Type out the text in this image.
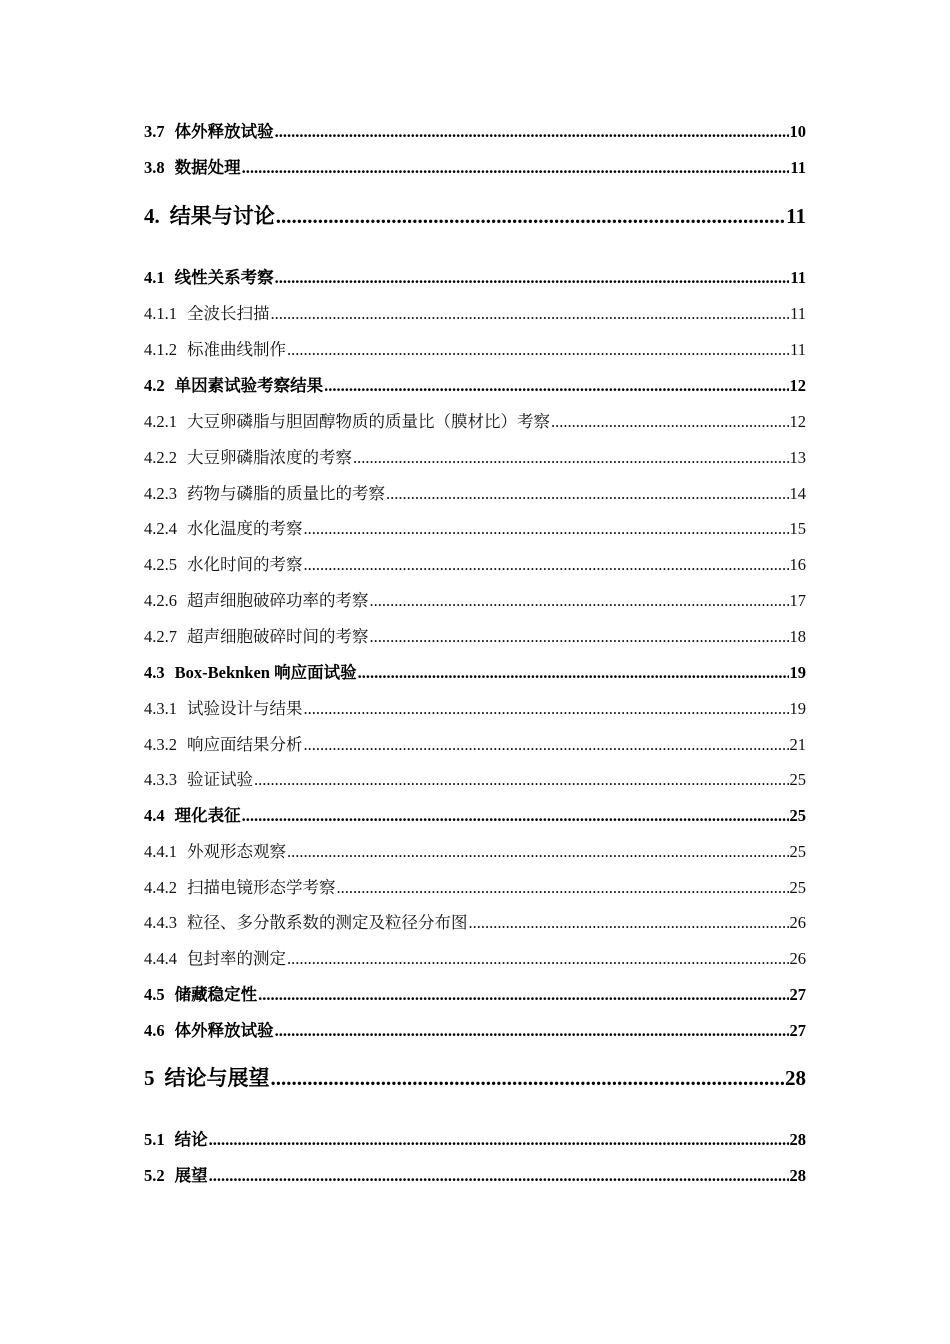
3.7 体外释放试验 .....	10
3.8 数据处理 .....	11
4. 结果与讨论 .....	11
4.1 线性关系考察 .....	11
4.1.1 全波长扫描 .....	11
4.1.2 标准曲线制作 .....	11
4.2 单因素试验考察结果 .....	12
4.2.1 大豆卵磷脂与胆固醇物质的质量比（膜材比）考察 .....	12
4.2.2 大豆卵磷脂浓度的考察 .....	13
4.2.3 药物与磷脂的质量比的考察 .....	14
4.2.4 水化温度的考察 .....	15
4.2.5 水化时间的考察 .....	16
4.2.6 超声细胞破碎功率的考察 .....	17
4.2.7 超声细胞破碎时间的考察 .....	18
4.3 Box-Beknken 响应面试验 .....	19
4.3.1 试验设计与结果 .....	19
4.3.2 响应面结果分析 .....	21
4.3.3 验证试验 .....	25
4.4 理化表征 .....	25
4.4.1 外观形态观察 .....	25
4.4.2 扫描电镜形态学考察 .....	25
4.4.3 粒径、多分散系数的测定及粒径分布图 .....	26
4.4.4 包封率的测定 .....	26
4.5 储藏稳定性 .....	27
4.6 体外释放试验 .....	27
5 结论与展望 .....	28
5.1 结论 .....	28
5.2 展望 .....	28
